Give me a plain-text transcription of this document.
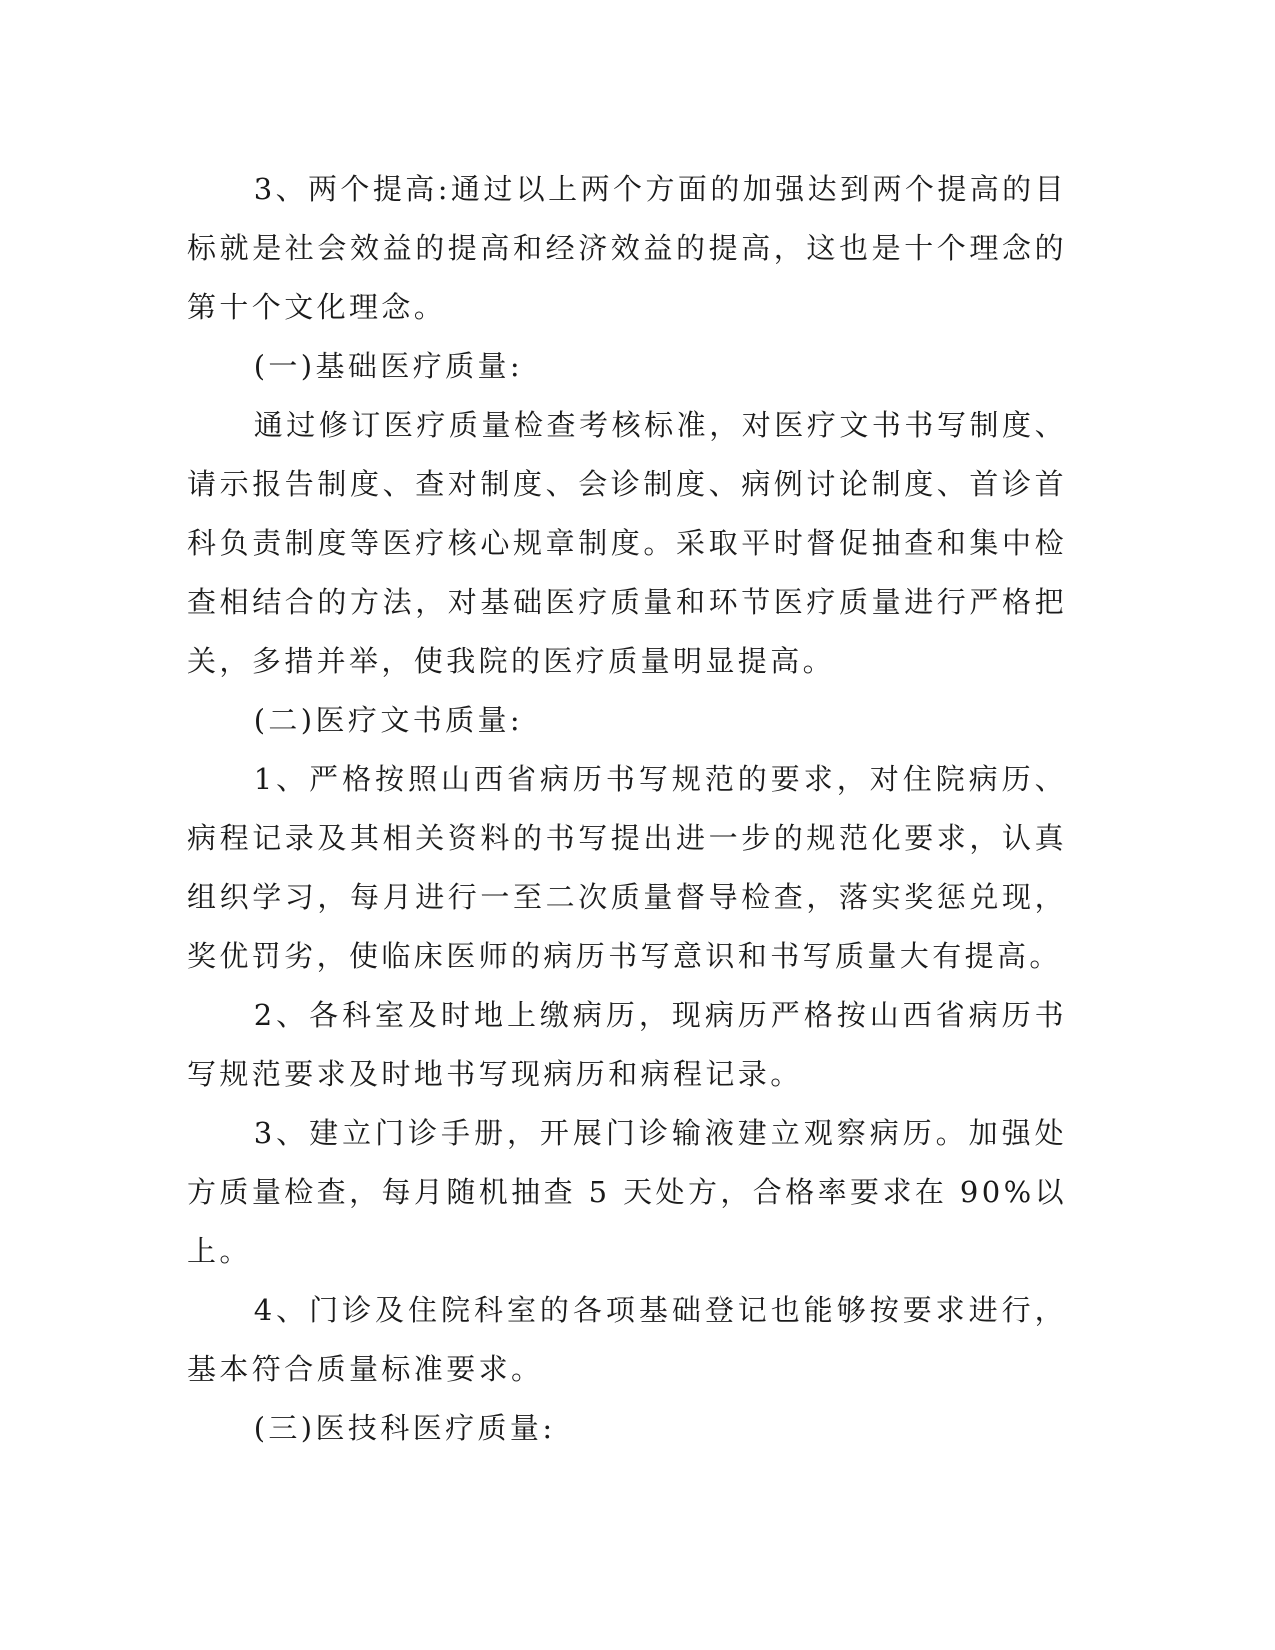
3、两个提高:通过以上两个方面的加强达到两个提高的目标就是社会效益的提高和经济效益的提高，这也是十个理念的第十个文化理念。

(一)基础医疗质量:

通过修订医疗质量检查考核标准，对医疗文书书写制度、请示报告制度、查对制度、会诊制度、病例讨论制度、首诊首科负责制度等医疗核心规章制度。采取平时督促抽查和集中检查相结合的方法，对基础医疗质量和环节医疗质量进行严格把关，多措并举，使我院的医疗质量明显提高。

(二)医疗文书质量:

1、严格按照山西省病历书写规范的要求，对住院病历、病程记录及其相关资料的书写提出进一步的规范化要求，认真组织学习，每月进行一至二次质量督导检查，落实奖惩兑现，奖优罚劣，使临床医师的病历书写意识和书写质量大有提高。

2、各科室及时地上缴病历，现病历严格按山西省病历书写规范要求及时地书写现病历和病程记录。

3、建立门诊手册，开展门诊输液建立观察病历。加强处方质量检查，每月随机抽查 5 天处方，合格率要求在 90%以上。

4、门诊及住院科室的各项基础登记也能够按要求进行，基本符合质量标准要求。

(三)医技科医疗质量:
